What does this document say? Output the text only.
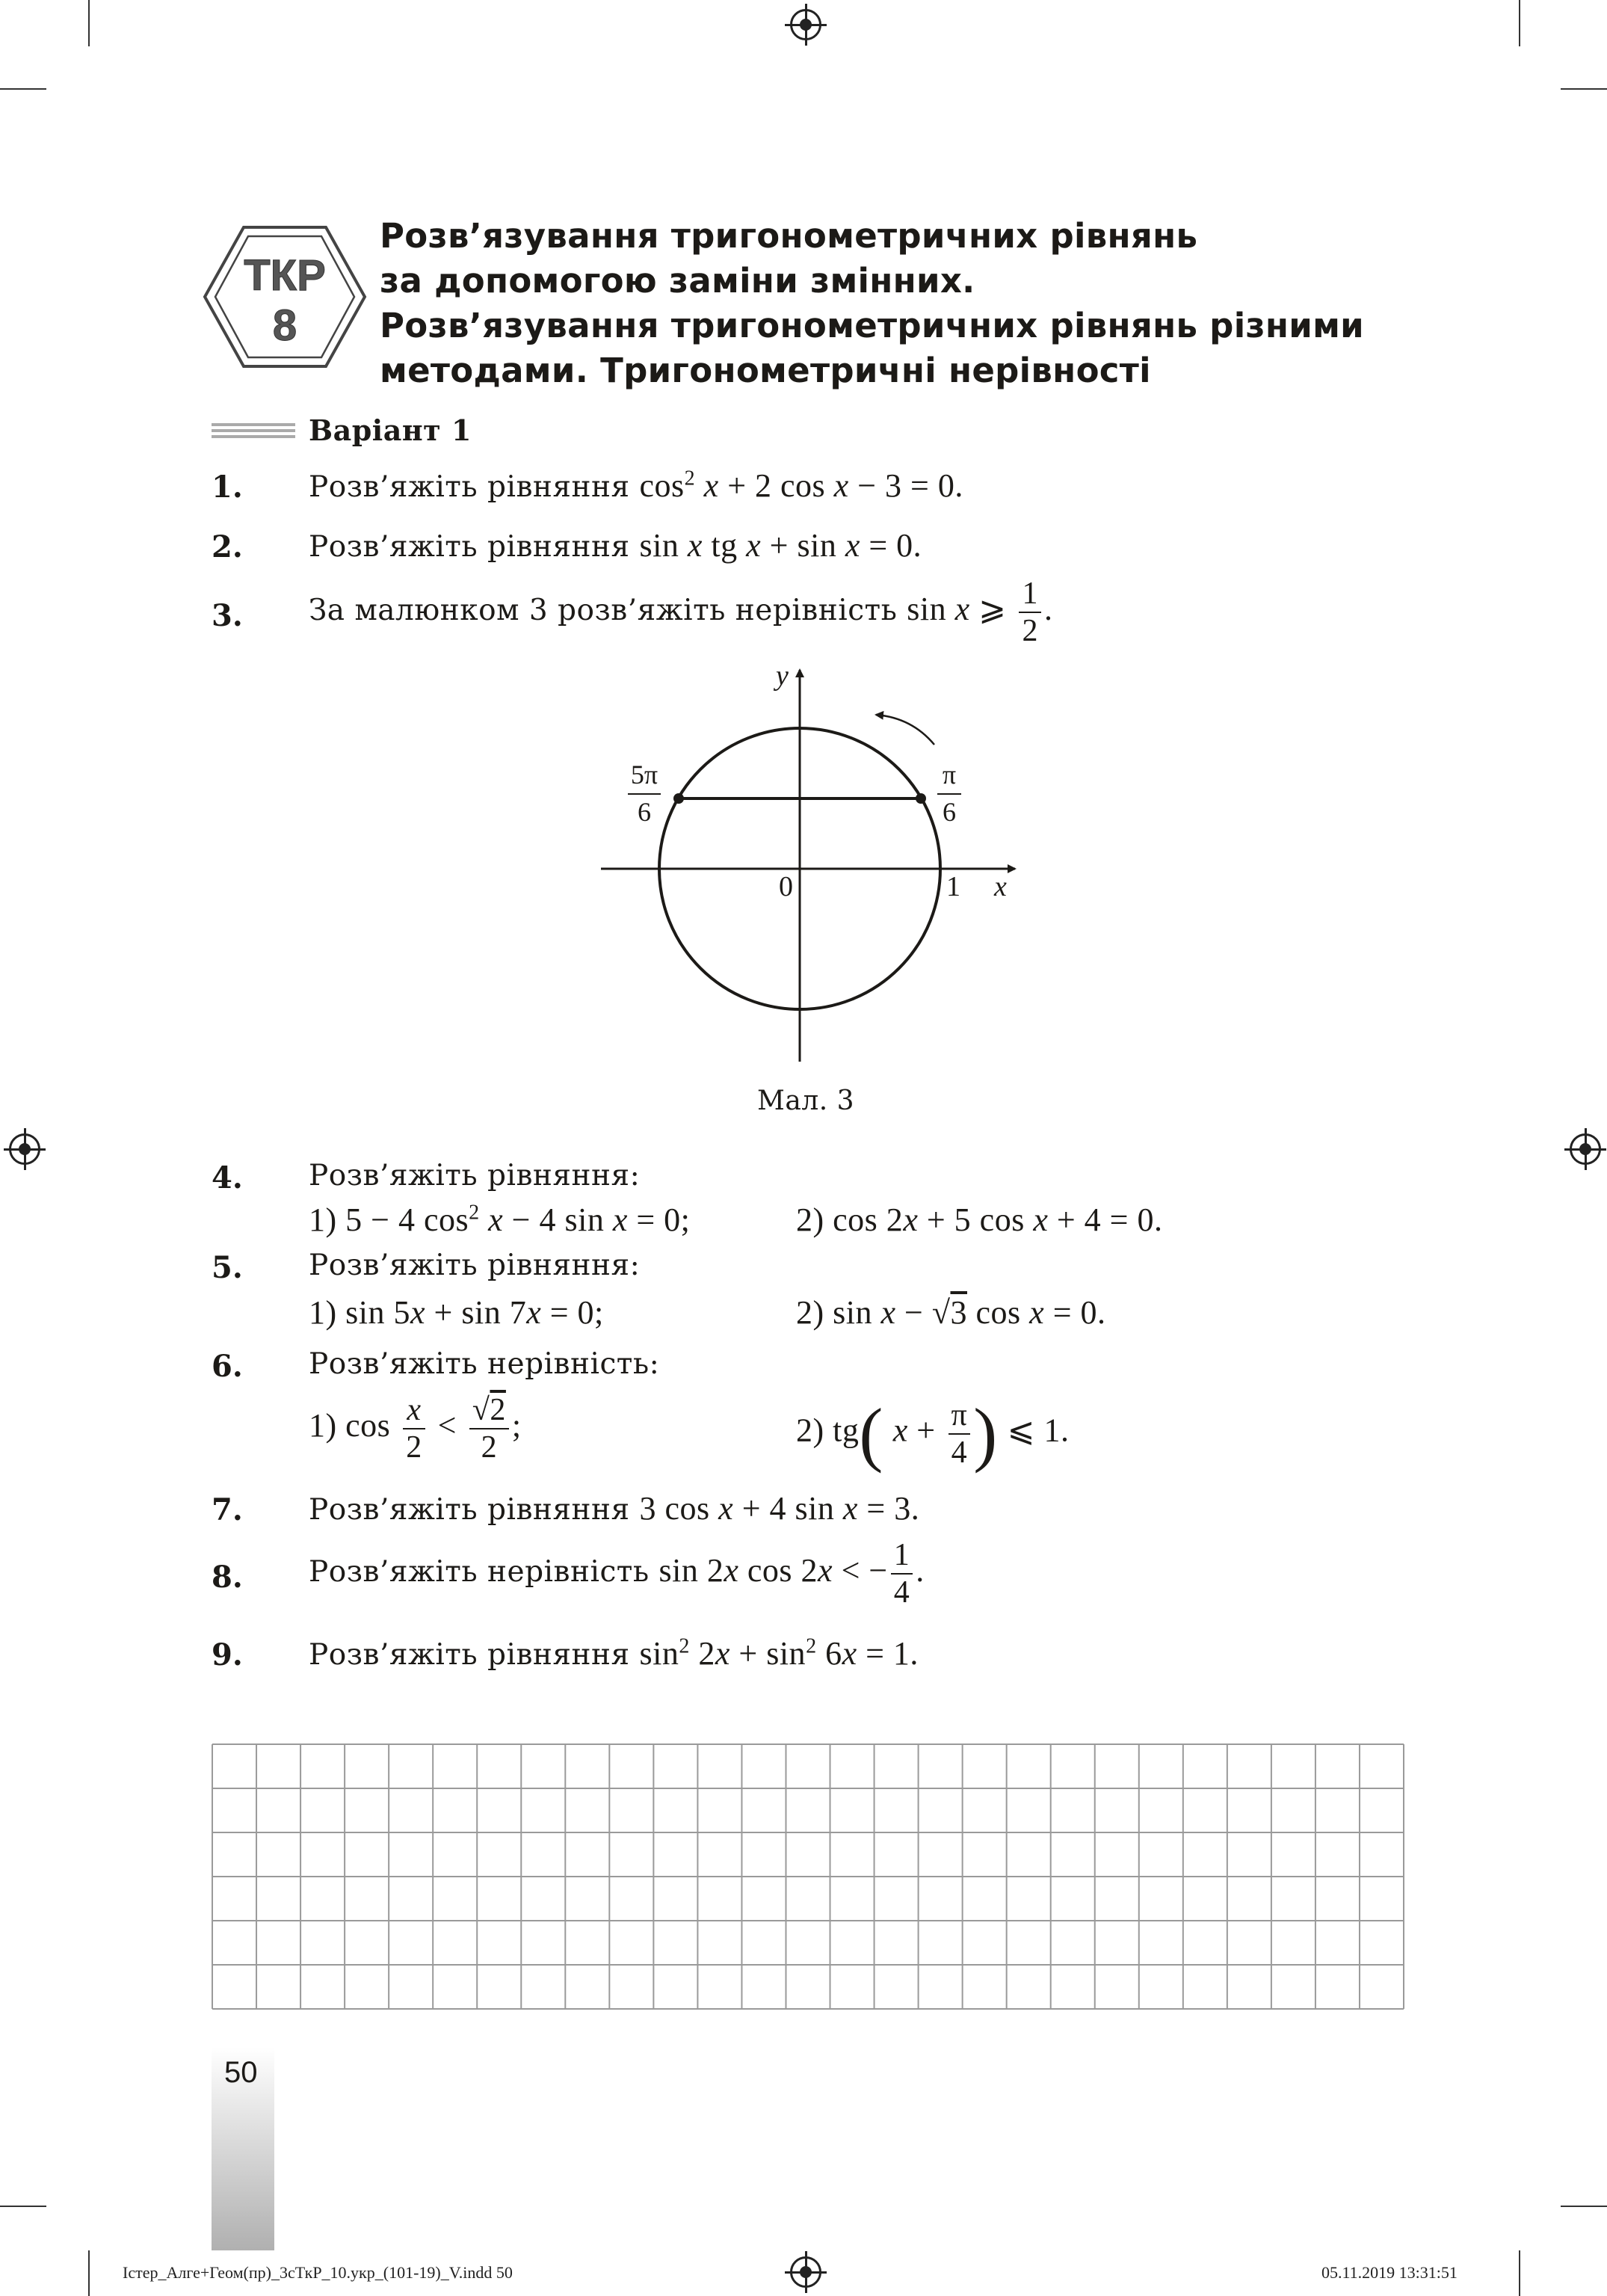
ТКР
8
Розв’язування тригонометричних рівнянь
за допомогою заміни змінних.
Розв’язування тригонометричних рівнянь різними
методами. Тригонометричні нерівності
Варіант 1
1. Розв’яжіть рівняння $\cos^2 x + 2$ cos x − 3 = 0.
2. Розв’яжіть рівняння sin x tg x + sin x = 0.
3. За малюнком 3 розв’яжіть нерівність sin x ⩾ $\frac{1}{2}$ .
y
x
0	1
5π
6
π
6
Мал. 3
4. Розв’яжіть рівняння:
1) 5 − 4 $\cos^2 x - 4$ sin x = 0;	2) cos 2x + 5 cos x + 4 = 0.
5. Розв’яжіть рівняння:
1) sin 5x + sin 7x = 0;	2) sin x − √3 cos x = 0.
6. Розв’яжіть нерівність:
1) $\cos \frac{x}{2} < \frac{√2}{2}$ ;	2) tg( $x + \frac{\pi}{4}$ ) ⩽ 1.
7. Розв’яжіть рівняння 3 cos x + 4 sin x = 3.
8. Розв’яжіть нерівність sin 2x cos 2x < − $\frac{1}{4}$ .
9. Розв’яжіть рівняння $\sin^2 2x + \sin^2 6x = 1$.
50
Істер_Алге+Геом(пр)_3сТкР_10.укр_(101-19)_V.indd 50	05.11.2019 13:31:51
